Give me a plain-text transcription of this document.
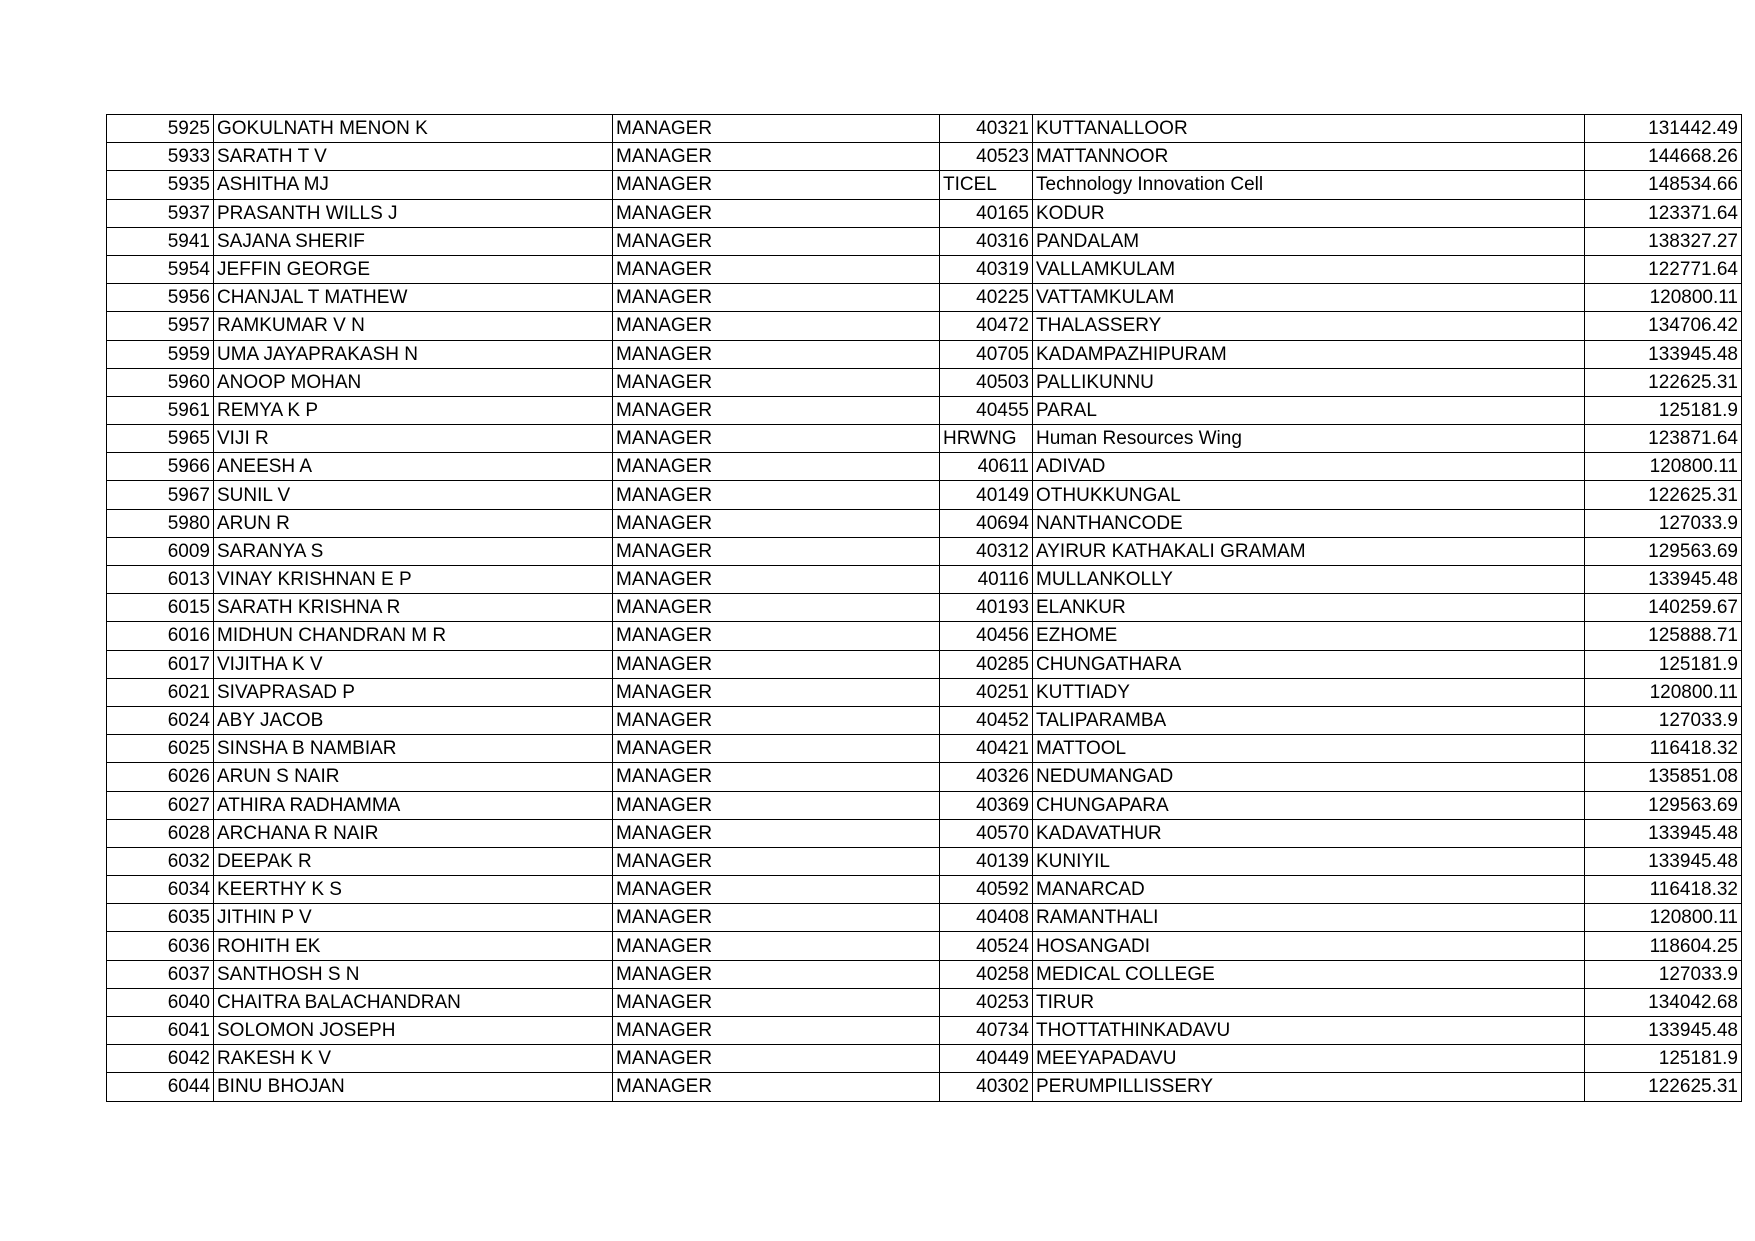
5925	GOKULNATH MENON K	MANAGER	40321	KUTTANALLOOR	131442.49
5933	SARATH T V	MANAGER	40523	MATTANNOOR	144668.26
5935	ASHITHA MJ	MANAGER	TICEL	Technology Innovation Cell	148534.66
5937	PRASANTH WILLS J	MANAGER	40165	KODUR	123371.64
5941	SAJANA SHERIF	MANAGER	40316	PANDALAM	138327.27
5954	JEFFIN GEORGE	MANAGER	40319	VALLAMKULAM	122771.64
5956	CHANJAL T MATHEW	MANAGER	40225	VATTAMKULAM	120800.11
5957	RAMKUMAR V N	MANAGER	40472	THALASSERY	134706.42
5959	UMA JAYAPRAKASH N	MANAGER	40705	KADAMPAZHIPURAM	133945.48
5960	ANOOP MOHAN	MANAGER	40503	PALLIKUNNU	122625.31
5961	REMYA K P	MANAGER	40455	PARAL	125181.9
5965	VIJI R	MANAGER	HRWNG	Human Resources Wing	123871.64
5966	ANEESH A	MANAGER	40611	ADIVAD	120800.11
5967	SUNIL V	MANAGER	40149	OTHUKKUNGAL	122625.31
5980	ARUN R	MANAGER	40694	NANTHANCODE	127033.9
6009	SARANYA S	MANAGER	40312	AYIRUR KATHAKALI GRAMAM	129563.69
6013	VINAY KRISHNAN E P	MANAGER	40116	MULLANKOLLY	133945.48
6015	SARATH KRISHNA R	MANAGER	40193	ELANKUR	140259.67
6016	MIDHUN CHANDRAN M R	MANAGER	40456	EZHOME	125888.71
6017	VIJITHA K V	MANAGER	40285	CHUNGATHARA	125181.9
6021	SIVAPRASAD P	MANAGER	40251	KUTTIADY	120800.11
6024	ABY JACOB	MANAGER	40452	TALIPARAMBA	127033.9
6025	SINSHA B NAMBIAR	MANAGER	40421	MATTOOL	116418.32
6026	ARUN S NAIR	MANAGER	40326	NEDUMANGAD	135851.08
6027	ATHIRA RADHAMMA	MANAGER	40369	CHUNGAPARA	129563.69
6028	ARCHANA R NAIR	MANAGER	40570	KADAVATHUR	133945.48
6032	DEEPAK R	MANAGER	40139	KUNIYIL	133945.48
6034	KEERTHY K S	MANAGER	40592	MANARCAD	116418.32
6035	JITHIN P V	MANAGER	40408	RAMANTHALI	120800.11
6036	ROHITH EK	MANAGER	40524	HOSANGADI	118604.25
6037	SANTHOSH S N	MANAGER	40258	MEDICAL COLLEGE	127033.9
6040	CHAITRA BALACHANDRAN	MANAGER	40253	TIRUR	134042.68
6041	SOLOMON JOSEPH	MANAGER	40734	THOTTATHINKADAVU	133945.48
6042	RAKESH K V	MANAGER	40449	MEEYAPADAVU	125181.9
6044	BINU BHOJAN	MANAGER	40302	PERUMPILLISSERY	122625.31
